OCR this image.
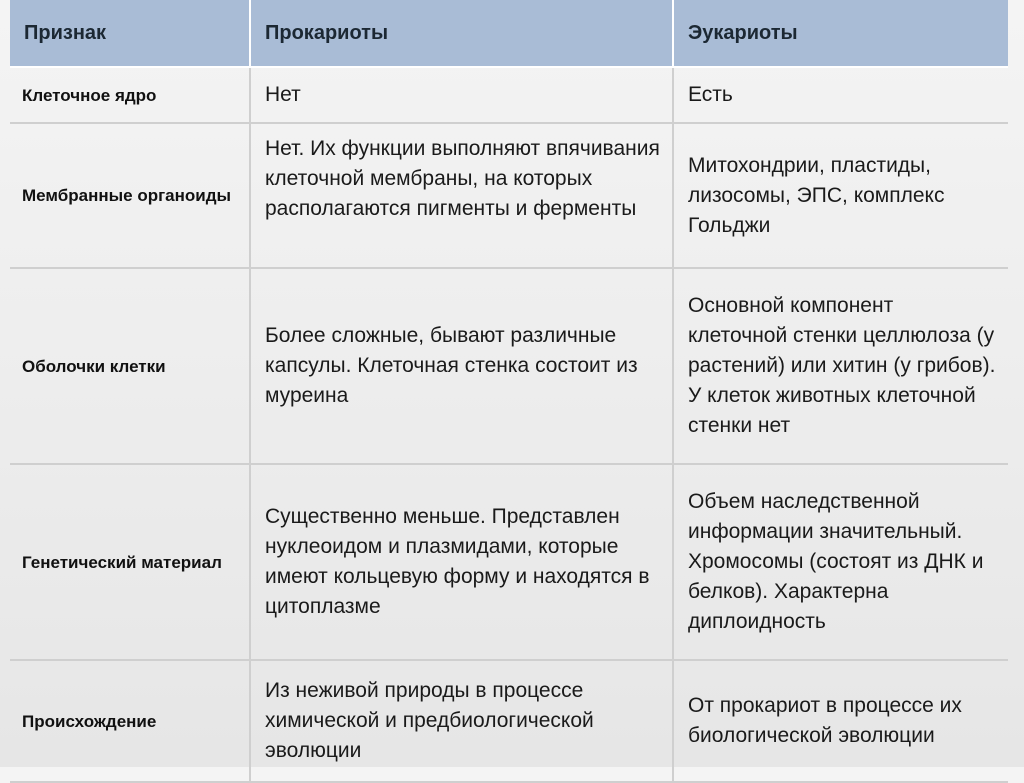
Признак	Прокариоты	Эукариоты
Клеточное ядро	Нет	Есть
Мембранные органоиды	Нет. Их функции выполняют впячивания клеточной мембраны, на которых располагаются пигменты и ферменты	Митохондрии, пластиды, лизосомы, ЭПС, комплекс Гольджи
Оболочки клетки	Более сложные, бывают различные капсулы. Клеточная стенка состоит из муреина	Основной компонент клеточной стенки целлюлоза (у растений) или хитин (у грибов). У клеток животных клеточной стенки нет
Генетический материал	Существенно меньше. Представлен нуклеоидом и плазмидами, которые имеют кольцевую форму и находятся в цитоплазме	Объем наследственной информации значительный. Хромосомы (состоят из ДНК и белков). Характерна диплоидность
Происхождение	Из неживой природы в процессе химической и предбиологической эволюции	От прокариот в процессе их биологической эволюции
